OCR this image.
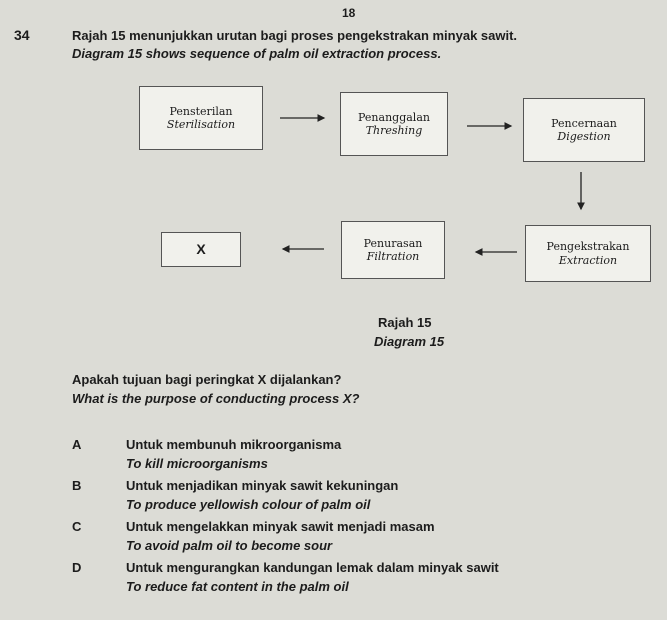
18
34	Rajah 15 menunjukkan urutan bagi proses pengekstrakan minyak sawit.
Diagram 15 shows sequence of palm oil extraction process.
Pensterilan
Sterilisation
Penanggalan
Threshing
Pencernaan
Digestion
Pengekstrakan
Extraction
Penurasan
Filtration
X
Rajah 15
Diagram 15
Apakah tujuan bagi peringkat X dijalankan?
What is the purpose of conducting process X?
A	Untuk membunuh mikroorganisma
To kill microorganisms
B	Untuk menjadikan minyak sawit kekuningan
To produce yellowish colour of palm oil
C	Untuk mengelakkan minyak sawit menjadi masam
To avoid palm oil to become sour
D	Untuk mengurangkan kandungan lemak dalam minyak sawit
To reduce fat content in the palm oil
